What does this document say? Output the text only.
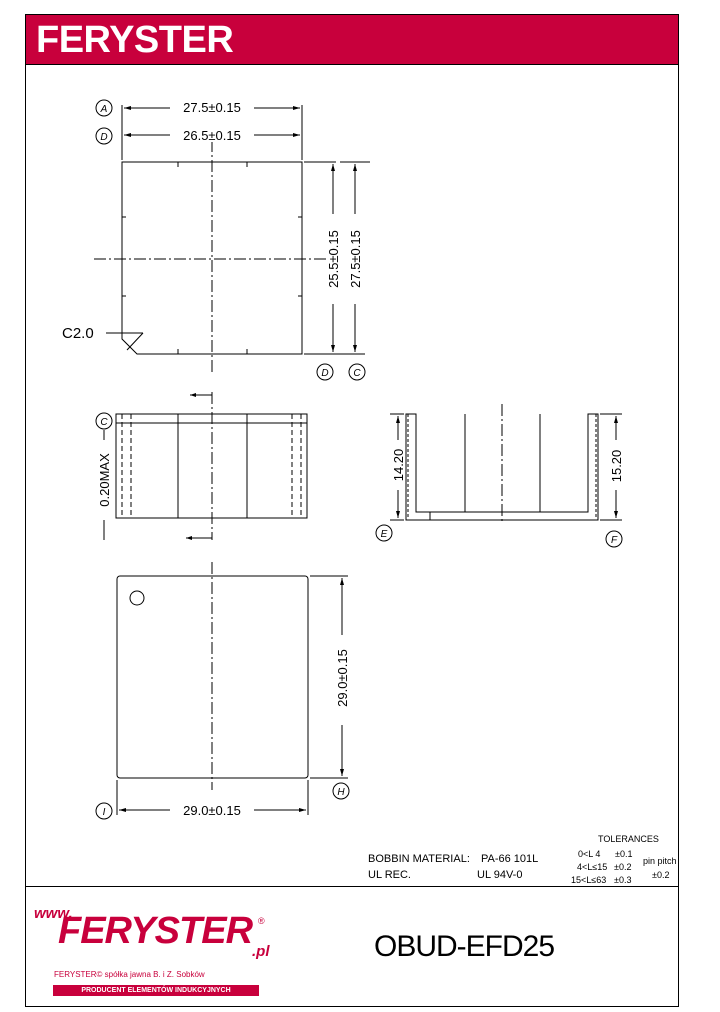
FERYSTER

27.5±0.15
26.5±0.15
25.5±0.15 27.5±0.15
C2.0
0.20MAX	14.20	15.20
29.0±0.15
29.0±0.15
A
D
D C
C
E
F
I
H
BOBBIN MATERIAL: PA-66 101L
UL REC.	UL 94V-0
TOLERANCES
0<L 4 ±0.1
4<L≤15 ±0.2
15<L≤63 ±0.3
pin pitch
±0.2
www.
FERYSTER ®
.pl
FERYSTER© spółka jawna B. i Z. Sobków
PRODUCENT ELEMENTÓW INDUKCYJNYCH
OBUD-EFD25
